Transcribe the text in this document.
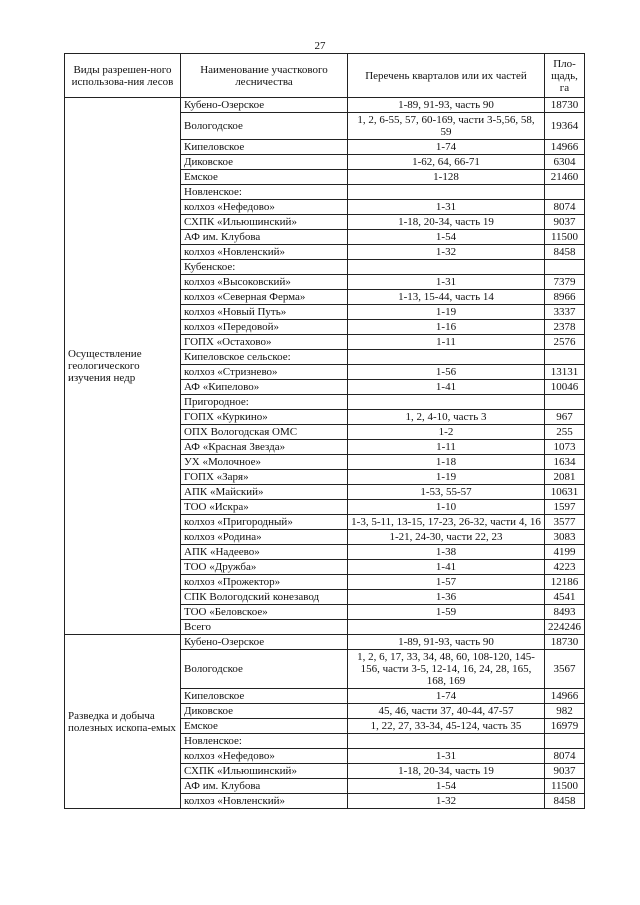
27
Виды разрешен-ного использова-ния лесов	Наименование участкового лесничества	Перечень кварталов или их частей	Пло-щадь, га
Осуществление геологического изучения недр	Кубено-Озерское	1-89, 91-93, часть 90	18730
	Вологодское	1, 2, 6-55, 57, 60-169, части 3-5,56, 58, 59	19364
	Кипеловское	1-74	14966
	Диковское	1-62, 64, 66-71	6304
	Емское	1-128	21460
	Новленское:		
	колхоз «Нефедово»	1-31	8074
	СХПК «Ильюшинский»	1-18, 20-34, часть 19	9037
	АФ им. Клубова	1-54	11500
	колхоз «Новленский»	1-32	8458
	Кубенское:		
	колхоз «Высоковский»	1-31	7379
	колхоз «Северная Ферма»	1-13, 15-44, часть 14	8966
	колхоз «Новый Путь»	1-19	3337
	колхоз «Передовой»	1-16	2378
	ГОПХ «Остахово»	1-11	2576
	Кипеловское сельское:		
	колхоз «Стризнево»	1-56	13131
	АФ «Кипелово»	1-41	10046
	Пригородное:		
	ГОПХ «Куркино»	1, 2, 4-10, часть 3	967
	ОПХ Вологодская ОМС	1-2	255
	АФ «Красная Звезда»	1-11	1073
	УХ «Молочное»	1-18	1634
	ГОПХ «Заря»	1-19	2081
	АПК «Майский»	1-53, 55-57	10631
	ТОО «Искра»	1-10	1597
	колхоз «Пригородный»	1-3, 5-11, 13-15, 17-23, 26-32, части 4, 16	3577
	колхоз «Родина»	1-21, 24-30, части 22, 23	3083
	АПК «Надеево»	1-38	4199
	ТОО «Дружба»	1-41	4223
	колхоз «Прожектор»	1-57	12186
	СПК Вологодский конезавод	1-36	4541
	ТОО «Беловское»	1-59	8493
	Всего		224246
Разведка и добыча полезных ископа-емых	Кубено-Озерское	1-89, 91-93, часть 90	18730
	Вологодское	1, 2, 6, 17, 33, 34, 48, 60, 108-120, 145-156, части 3-5, 12-14, 16, 24, 28, 165, 168, 169	3567
	Кипеловское	1-74	14966
	Диковское	45, 46, части 37, 40-44, 47-57	982
	Емское	1, 22, 27, 33-34, 45-124, часть 35	16979
	Новленское:		
	колхоз «Нефедово»	1-31	8074
	СХПК «Ильюшинский»	1-18, 20-34, часть 19	9037
	АФ им. Клубова	1-54	11500
	колхоз «Новленский»	1-32	8458
